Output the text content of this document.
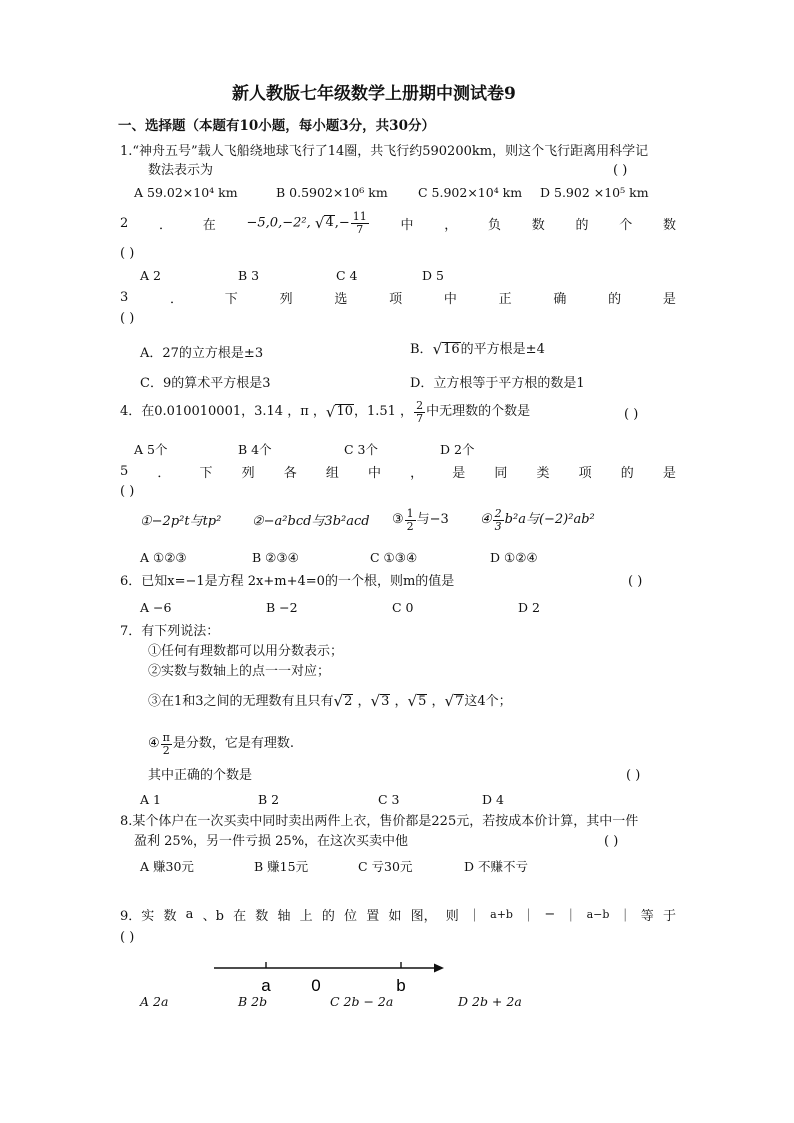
新人教版七年级数学上册期中测试卷9
一、选择题（本题有10小题，每小题3分，共30分）
1.“神舟五号”载人飞船绕地球飞行了14圈，共飞行约590200km，则这个飞行距离用科学记
数法表示为	( )
A 59.02×10⁴ km	B 0.5902×10⁶ km C 5.902×10⁴ km D 5.902 ×10⁵ km
2 ． 在 −5,0,−2², √ 4 ,− $\frac{11}{7}$ 中 ， 负 数 的 个 数
( )
A 2	B 3	C 4	D 5
3	．	下	列	选	项	中	正	确	的	是
( )
A．27的立方根是±3	B． √ 16 的平方根是±4
C．9的算术平方根是3	D．立方根等于平方根的数是1
4．在0.010010001，3.14 ，π ， √ 10 ，1.51 ， $\frac{2}{7}$ 中无理数的个数是	( )
A 5个	B 4个	C 3个	D 2个
5 ． 下 列 各 组 中 ， 是 同 类 项 的 是
( )
①−2p²t与tp² ②−a²bcd与3b²acd ③ $\frac{1}{2}$ 与−3 ④ $\frac{2}{3} b^2a$与(−2)²ab²
A ①②③	B ②③④	C ①③④	D ①②④
6．已知x=−1是方程 2x+m+4=0的一个根，则m的值是	( )
A −6	B −2	C 0	D 2
7．有下列说法：
①任何有理数都可以用分数表示；
②实数与数轴上的点一一对应；
③在1和3之间的无理数有且只有 √ 2 ， √ 3 ， √ 5 ， √ 7 这4个；
④ $\frac{\pi}{2}$ 是分数，它是有理数.
其中正确的个数是	( )
A 1	B 2	C 3	D 4
8.某个体户在一次买卖中同时卖出两件上衣，售价都是225元，若按成本价计算，其中一件
盈利 25%，另一件亏损 25%，在这次买卖中他	( )
A 赚30元	B 赚15元	C 亏30元	D 不赚不亏
9．实 数 a 、b 在 数 轴 上 的 位 置 如 图， 则 ｜ a+b ｜ − ｜ a−b ｜ 等 于
( )
a 0	b
A 2a	B 2b	C 2b − 2a	D 2b + 2a
